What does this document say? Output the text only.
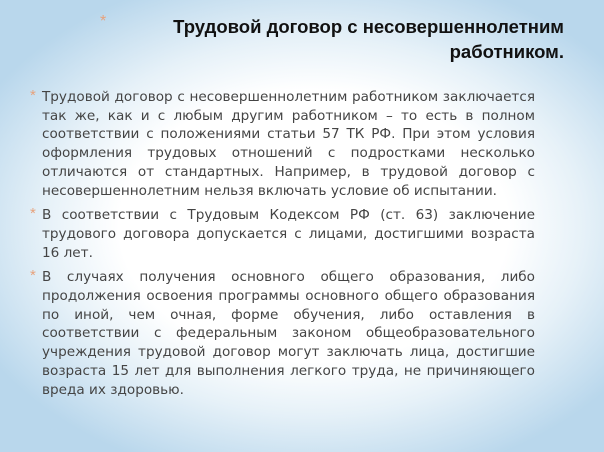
*	Трудовой договор с несовершеннолетним работником.
* Трудовой договор с несовершеннолетним работником заключается так же, как и с любым другим работником – то есть в полном соответствии с положениями статьи 57 ТК РФ. При этом условия оформления трудовых отношений с подростками несколько отличаются от стандартных. Например, в трудовой договор с несовершеннолетним нельзя включать условие об испытании.

* В соответствии с Трудовым Кодексом РФ (ст. 63) заключение трудового договора допускается с лицами, достигшими возраста 16 лет.

* В случаях получения основного общего образования, либо продолжения освоения программы основного общего образования по иной, чем очная, форме обучения, либо оставления в соответствии с федеральным законом общеобразовательного учреждения трудовой договор могут заключать лица, достигшие возраста 15 лет для выполнения легкого труда, не причиняющего вреда их здоровью.
